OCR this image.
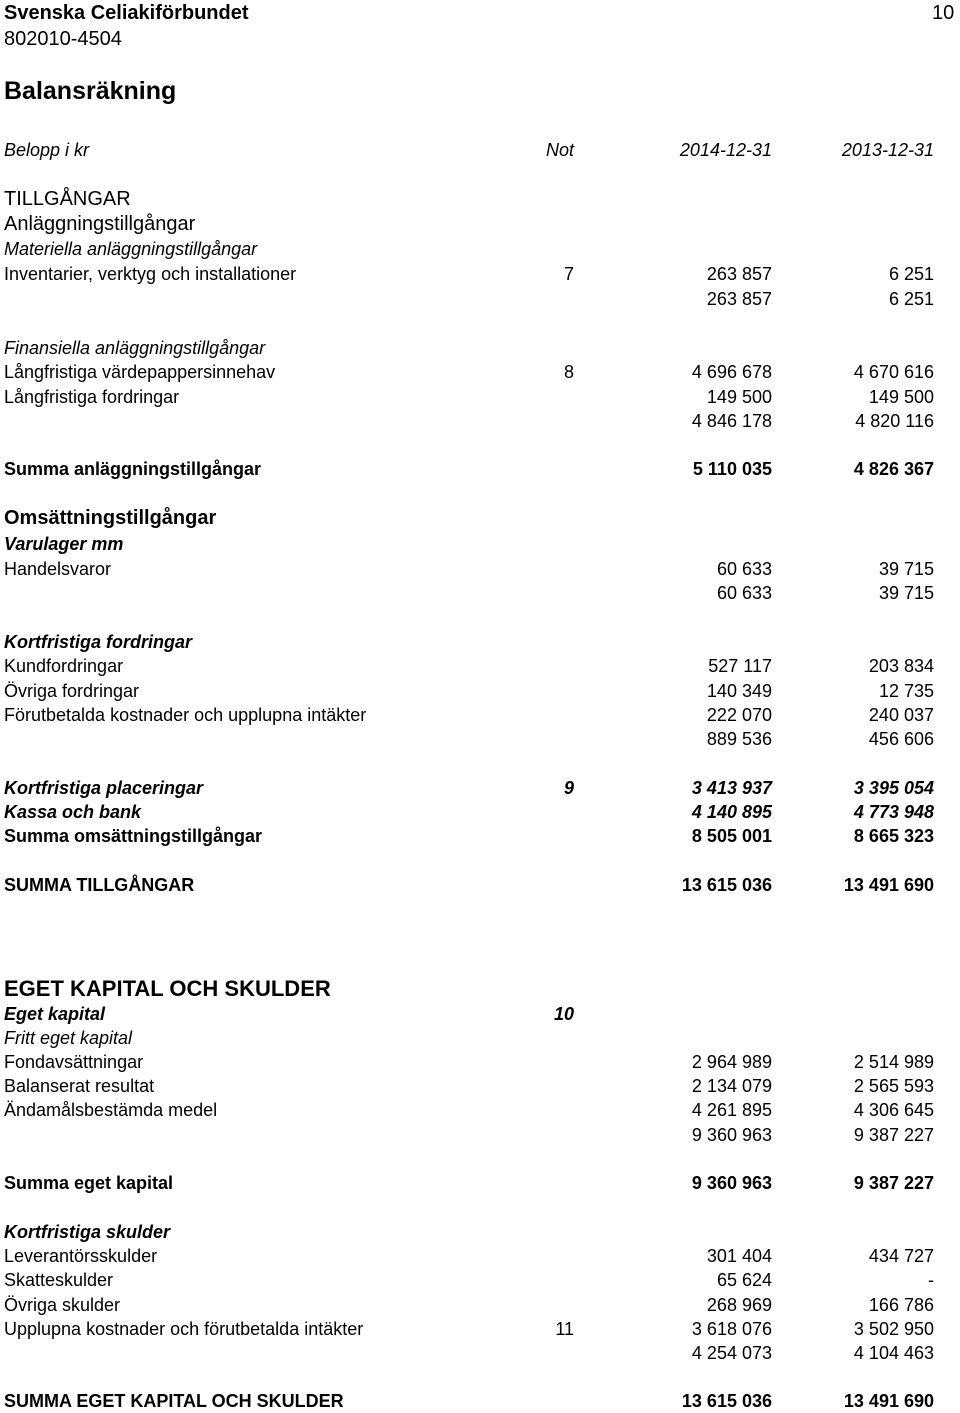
Svenska Celiakiförbundet	10
802010-4504
Balansräkning
Belopp i kr	Not	2014-12-31	2013-12-31
TILLGÅNGAR
Anläggningstillgångar
Materiella anläggningstillgångar
Inventarier, verktyg och installationer	7	263 857	6 251
263 857	6 251
Finansiella anläggningstillgångar
Långfristiga värdepappersinnehav	8	4 696 678	4 670 616
Långfristiga fordringar	149 500	149 500
4 846 178	4 820 116
Summa anläggningstillgångar	5 110 035	4 826 367
Omsättningstillgångar
Varulager mm
Handelsvaror	60 633	39 715
60 633	39 715
Kortfristiga fordringar
Kundfordringar	527 117	203 834
Övriga fordringar	140 349	12 735
Förutbetalda kostnader och upplupna intäkter	222 070	240 037
889 536	456 606
Kortfristiga placeringar	9	3 413 937	3 395 054
Kassa och bank	4 140 895	4 773 948
Summa omsättningstillgångar	8 505 001	8 665 323
SUMMA TILLGÅNGAR	13 615 036	13 491 690
EGET KAPITAL OCH SKULDER
Eget kapital	10
Fritt eget kapital
Fondavsättningar	2 964 989	2 514 989
Balanserat resultat	2 134 079	2 565 593
Ändamålsbestämda medel	4 261 895	4 306 645
9 360 963	9 387 227
Summa eget kapital	9 360 963	9 387 227
Kortfristiga skulder
Leverantörsskulder	301 404	434 727
Skatteskulder	65 624	-
Övriga skulder	268 969	166 786
Upplupna kostnader och förutbetalda intäkter	11	3 618 076	3 502 950
4 254 073	4 104 463
SUMMA EGET KAPITAL OCH SKULDER	13 615 036	13 491 690
